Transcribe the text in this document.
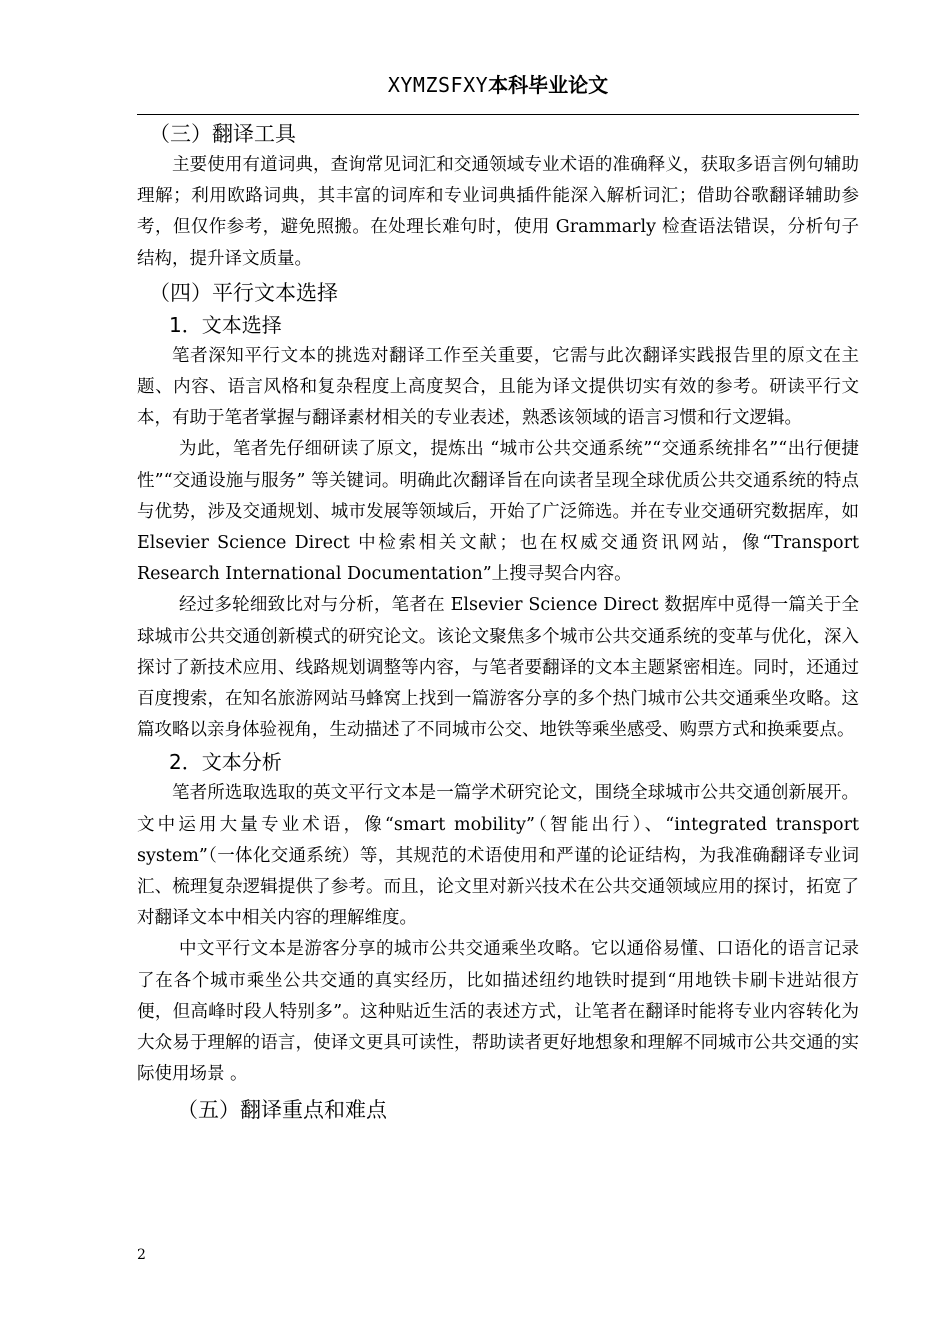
XYMZSFXY本科毕业论文
（三）翻译工具

主要使用有道词典，查询常见词汇和交通领域专业术语的准确释义，获取多语言例句辅助理解；利用欧路词典，其丰富的词库和专业词典插件能深入解析词汇；借助谷歌翻译辅助参考，但仅作参考，避免照搬。在处理长难句时，使用 Grammarly 检查语法错误，分析句子结构，提升译文质量。

（四）平行文本选择
1．文本选择

笔者深知平行文本的挑选对翻译工作至关重要，它需与此次翻译实践报告里的原文在主题、内容、语言风格和复杂程度上高度契合，且能为译文提供切实有效的参考。研读平行文本，有助于笔者掌握与翻译素材相关的专业表述，熟悉该领域的语言习惯和行文逻辑。

为此，笔者先仔细研读了原文，提炼出 “城市公共交通系统”“交通系统排名”“出行便捷性”“交通设施与服务” 等关键词。明确此次翻译旨在向读者呈现全球优质公共交通系统的特点与优势，涉及交通规划、城市发展等领域后，开始了广泛筛选。并在专业交通研究数据库，如 Elsevier Science Direct 中检索相关文献；也在权威交通资讯网站，像“Transport Research International Documentation”上搜寻契合内容。

经过多轮细致比对与分析，笔者在 Elsevier Science Direct 数据库中觅得一篇关于全球城市公共交通创新模式的研究论文。该论文聚焦多个城市公共交通系统的变革与优化，深入探讨了新技术应用、线路规划调整等内容，与笔者要翻译的文本主题紧密相连。同时，还通过百度搜索，在知名旅游网站马蜂窝上找到一篇游客分享的多个热门城市公共交通乘坐攻略。这篇攻略以亲身体验视角，生动描述了不同城市公交、地铁等乘坐感受、购票方式和换乘要点。

2．文本分析

笔者所选取选取的英文平行文本是一篇学术研究论文，围绕全球城市公共交通创新展开。文中运用大量专业术语，像“smart mobility”（智能出行）、“integrated transport system”（一体化交通系统）等，其规范的术语使用和严谨的论证结构，为我准确翻译专业词汇、梳理复杂逻辑提供了参考。而且，论文里对新兴技术在公共交通领域应用的探讨，拓宽了对翻译文本中相关内容的理解维度。

中文平行文本是游客分享的城市公共交通乘坐攻略。它以通俗易懂、口语化的语言记录了在各个城市乘坐公共交通的真实经历，比如描述纽约地铁时提到“用地铁卡刷卡进站很方便，但高峰时段人特别多”。这种贴近生活的表述方式，让笔者在翻译时能将专业内容转化为大众易于理解的语言，使译文更具可读性，帮助读者更好地想象和理解不同城市公共交通的实际使用场景 。

（五）翻译重点和难点
2
